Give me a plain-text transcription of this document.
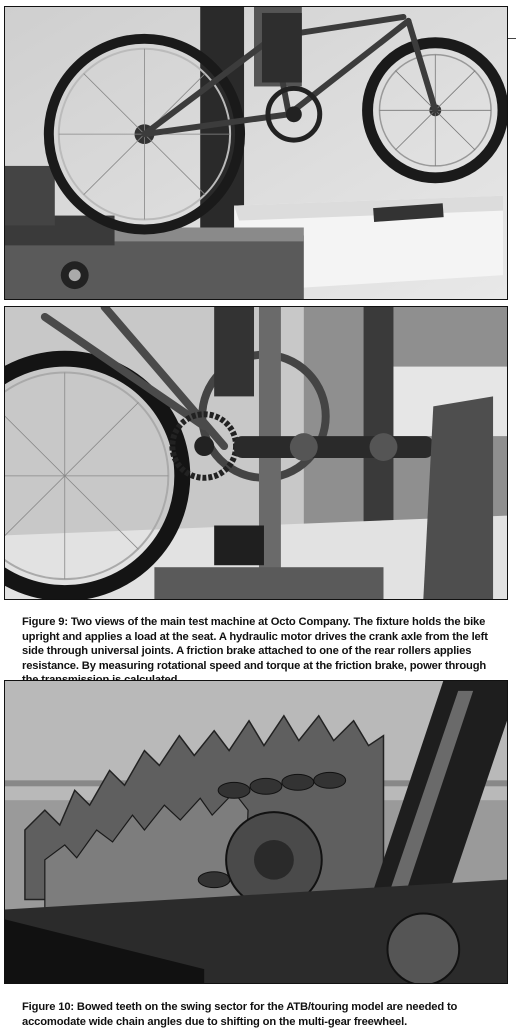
Figure 9: Two views of the main test machine at Octo Company. The fixture holds the bike upright and applies a load at the seat. A hydraulic motor drives the crank axle from the left side through universal joints. A friction brake attached to one of the rear rollers applies resistance. By measuring rotational speed and torque at the friction brake, power through

Figure 10: Bowed teeth on the swing sector for the ATB/touring model are needed to accomodate wide chain angles due to shifting on the multi-gear freewheel.
